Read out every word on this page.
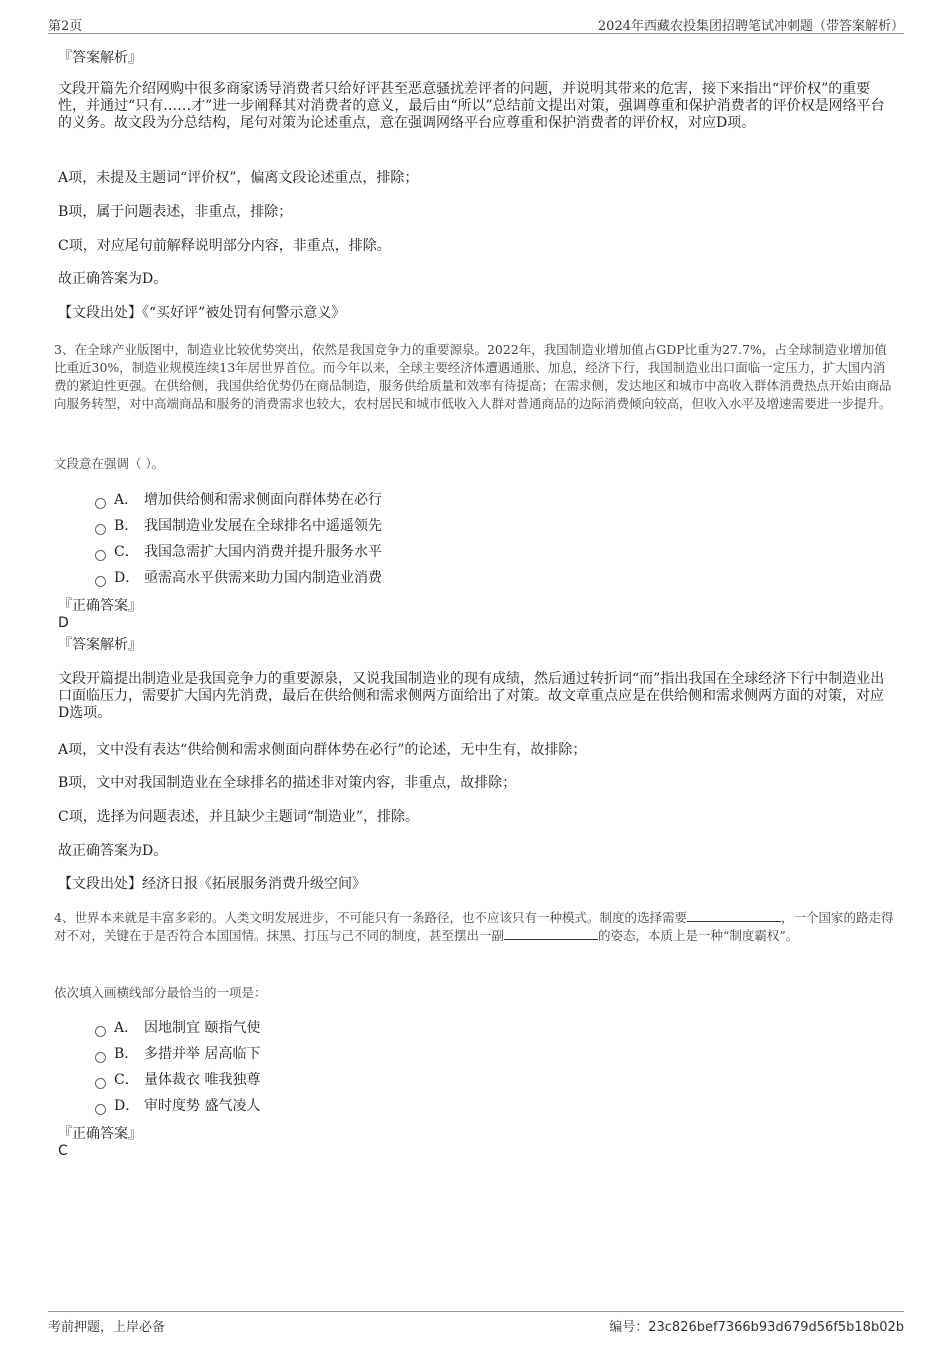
第2页	2024年西藏农投集团招聘笔试冲刺题（带答案解析）
『答案解析』
文段开篇先介绍网购中很多商家诱导消费者只给好评甚至恶意骚扰差评者的问题，并说明其带来的危害，接下来指出“评价权”的重要性，并通过“只有……才”进一步阐释其对消费者的意义，最后由“所以”总结前文提出对策，强调尊重和保护消费者的评价权是网络平台的义务。故文段为分总结构，尾句对策为论述重点，意在强调网络平台应尊重和保护消费者的评价权，对应D项。
A项，未提及主题词“评价权”，偏离文段论述重点，排除；
B项，属于问题表述，非重点，排除；
C项，对应尾句前解释说明部分内容，非重点，排除。
故正确答案为D。
【文段出处】《“买好评”被处罚有何警示意义》
3、在全球产业版图中，制造业比较优势突出，依然是我国竞争力的重要源泉。2022年，我国制造业增加值占GDP比重为27.7%，占全球制造业增加值比重近30%，制造业规模连续13年居世界首位。而今年以来，全球主要经济体遭遇通胀、加息，经济下行，我国制造业出口面临一定压力，扩大国内消费的紧迫性更强。在供给侧，我国供给优势仍在商品制造，服务供给质量和效率有待提高；在需求侧，发达地区和城市中高收入群体消费热点开始由商品向服务转型，对中高端商品和服务的消费需求也较大，农村居民和城市低收入人群对普通商品的边际消费倾向较高，但收入水平及增速需要进一步提升。
文段意在强调（ ）。
A． 增加供给侧和需求侧面向群体势在必行
B． 我国制造业发展在全球排名中遥遥领先
C． 我国急需扩大国内消费并提升服务水平
D． 亟需高水平供需来助力国内制造业消费
『正确答案』
D
『答案解析』
文段开篇提出制造业是我国竞争力的重要源泉，又说我国制造业的现有成绩，然后通过转折词“而”指出我国在全球经济下行中制造业出口面临压力，需要扩大国内先消费，最后在供给侧和需求侧两方面给出了对策。故文章重点应是在供给侧和需求侧两方面的对策，对应D选项。
A项，文中没有表达“供给侧和需求侧面向群体势在必行”的论述，无中生有，故排除；
B项，文中对我国制造业在全球排名的描述非对策内容，非重点，故排除；
C项，选择为问题表述，并且缺少主题词“制造业”，排除。
故正确答案为D。
【文段出处】经济日报《拓展服务消费升级空间》
4、世界本来就是丰富多彩的。人类文明发展进步，不可能只有一条路径，也不应该只有一种模式。制度的选择需要	，一个国家的路走得对不对，关键在于是否符合本国国情。抹黑、打压与己不同的制度，甚至摆出一副	的姿态，本质上是一种“制度霸权”。
依次填入画横线部分最恰当的一项是：
A． 因地制宜 颐指气使
B． 多措并举 居高临下
C． 量体裁衣 唯我独尊
D． 审时度势 盛气凌人
『正确答案』
C
考前押题，上岸必备	编号：23c826bef7366b93d679d56f5b18b02b
